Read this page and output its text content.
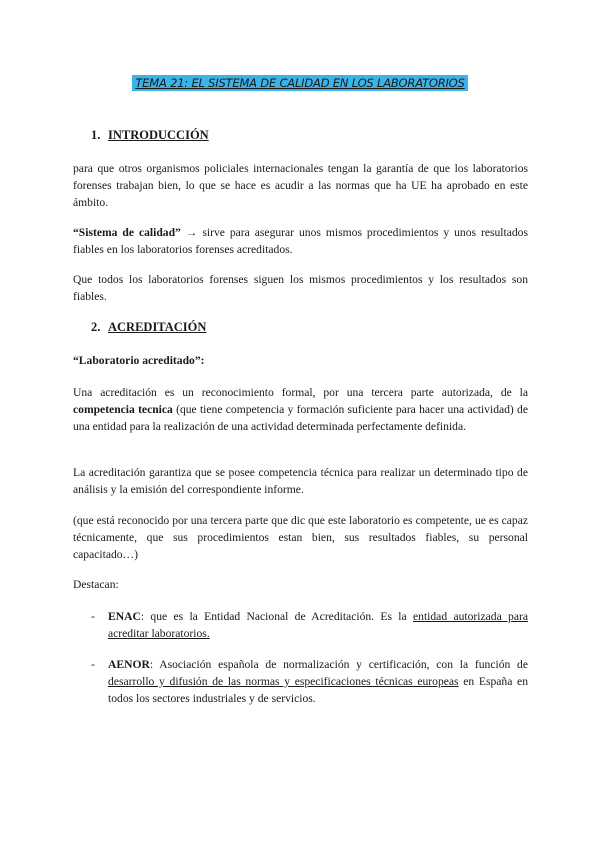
TEMA 21: EL SISTEMA DE CALIDAD EN LOS LABORATORIOS
1. INTRODUCCIÓN
para que otros organismos policiales internacionales tengan la garantía de que los laboratorios forenses trabajan bien, lo que se hace es acudir a las normas que ha UE ha aprobado en este ámbito.
“Sistema de calidad” → sirve para asegurar unos mismos procedimientos y unos resultados fiables en los laboratorios forenses acreditados.
Que todos los laboratorios forenses siguen los mismos procedimientos y los resultados son fiables.
2. ACREDITACIÓN
“Laboratorio acreditado”:
Una acreditación es un reconocimiento formal, por una tercera parte autorizada, de la competencia tecnica (que tiene competencia y formación suficiente para hacer una actividad) de una entidad para la realización de una actividad determinada perfectamente definida.
La acreditación garantiza que se posee competencia técnica para realizar un determinado tipo de análisis y la emisión del correspondiente informe.
(que está reconocido por una tercera parte que dic que este laboratorio es competente, ue es capaz técnicamente, que sus procedimientos estan bien, sus resultados fiables, su personal capacitado…)
Destacan:
- ENAC: que es la Entidad Nacional de Acreditación. Es la entidad autorizada para acreditar laboratorios.
- AENOR: Asociación española de normalización y certificación, con la función de desarrollo y difusión de las normas y especificaciones técnicas europeas en España en todos los sectores industriales y de servicios.
